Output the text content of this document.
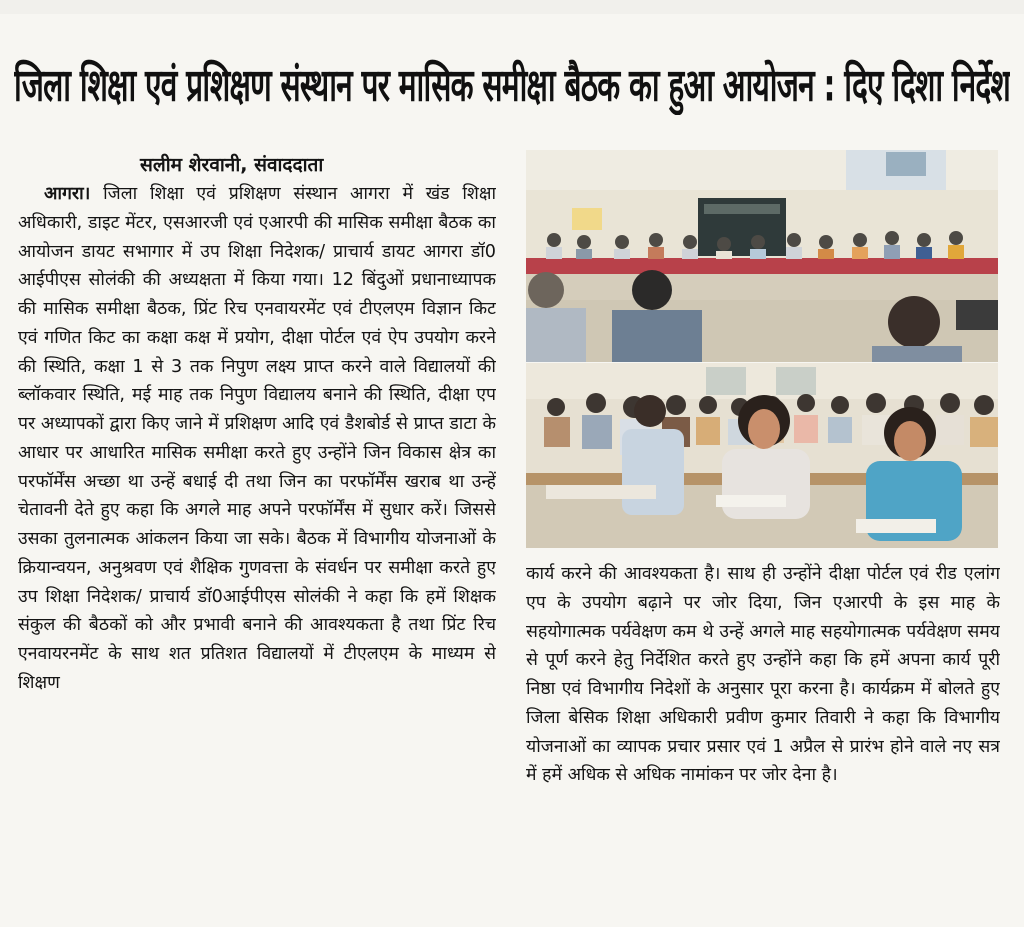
जिला शिक्षा एवं प्रशिक्षण संस्थान पर मासिक समीक्षा बैठक का हुआ आयोजन : दिए दिशा निर्देश
सलीम शेरवानी, संवाददाता
आगरा। जिला शिक्षा एवं प्रशिक्षण संस्थान आगरा में खंड शिक्षा अधिकारी, डाइट मेंटर, एसआरजी एवं एआरपी की मासिक समीक्षा बैठक का आयोजन डायट सभागार में उप शिक्षा निदेशक/ प्राचार्य डायट आगरा डॉ0 आईपीएस सोलंकी की अध्यक्षता में किया गया। 12 बिंदुओं प्रधानाध्यापक की मासिक समीक्षा बैठक, प्रिंट रिच एनवायरमेंट एवं टीएलएम विज्ञान किट एवं गणित किट का कक्षा कक्ष में प्रयोग, दीक्षा पोर्टल एवं ऐप उपयोग करने की स्थिति, कक्षा 1 से 3 तक निपुण लक्ष्य प्राप्त करने वाले विद्यालयों की ब्लॉकवार स्थिति, मई माह तक निपुण विद्यालय बनाने की स्थिति, दीक्षा एप पर अध्यापकों द्वारा किए जाने में प्रशिक्षण आदि एवं डैशबोर्ड से प्राप्त डाटा के आधार पर आधारित मासिक समीक्षा करते हुए उन्होंने जिन विकास क्षेत्र का परफॉर्मेंस अच्छा था उन्हें बधाई दी तथा जिन का परफॉर्मेंस खराब था उन्हें चेतावनी देते हुए कहा कि अगले माह अपने परफॉर्मेंस में सुधार करें। जिससे उसका तुलनात्मक आंकलन किया जा सके। बैठक में विभागीय योजनाओं के क्रियान्वयन, अनुश्रवण एवं शैक्षिक गुणवत्ता के संवर्धन पर समीक्षा करते हुए उप शिक्षा निदेशक/ प्राचार्य डॉ0आईपीएस सोलंकी ने कहा कि हमें शिक्षक संकुल की बैठकों को और प्रभावी बनाने की आवश्यकता है तथा प्रिंट रिच एनवायरनमेंट के साथ शत प्रतिशत विद्यालयों में टीएलएम के माध्यम से शिक्षण
कार्य करने की आवश्यकता है। साथ ही उन्होंने दीक्षा पोर्टल एवं रीड एलांग एप के उपयोग बढ़ाने पर जोर दिया, जिन एआरपी के इस माह के सहयोगात्मक पर्यवेक्षण कम थे उन्हें अगले माह सहयोगात्मक पर्यवेक्षण समय से पूर्ण करने हेतु निर्देशित करते हुए उन्होंने कहा कि हमें अपना कार्य पूरी निष्ठा एवं विभागीय निदेशों के अनुसार पूरा करना है। कार्यक्रम में बोलते हुए जिला बेसिक शिक्षा अधिकारी प्रवीण कुमार तिवारी ने कहा कि विभागीय योजनाओं का व्यापक प्रचार प्रसार एवं 1 अप्रैल से प्रारंभ होने वाले नए सत्र में हमें अधिक से अधिक नामांकन पर जोर देना है।
